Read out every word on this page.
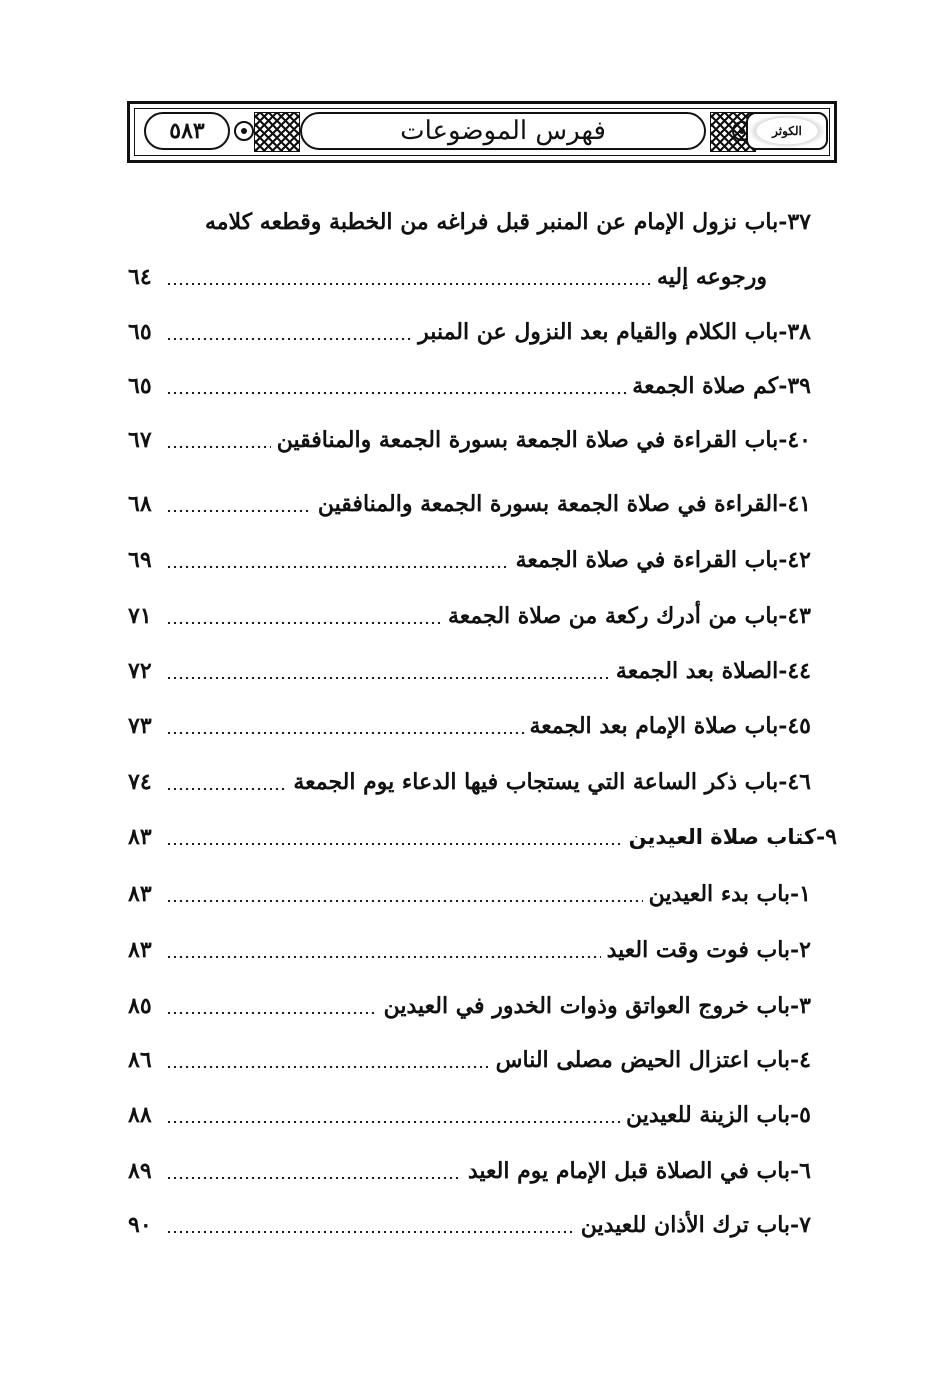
٥٨٣	فهرس الموضوعات	الكوثر
٣٧-
باب نزول الإمام عن المنبر قبل فراغه من الخطبة وقطعه كلامه
ورجوعه إليه
٦٤
٣٨-
باب الكلام والقيام بعد النزول عن المنبر
٦٥
٣٩-
كم صلاة الجمعة
٦٥
٤٠-
باب القراءة في صلاة الجمعة بسورة الجمعة والمنافقين
٦٧
٤١-
القراءة في صلاة الجمعة بسورة الجمعة والمنافقين
٦٨
٤٢-
باب القراءة في صلاة الجمعة
٦٩
٤٣-
باب من أدرك ركعة من صلاة الجمعة
٧١
٤٤-
الصلاة بعد الجمعة
٧٢
٤٥-
باب صلاة الإمام بعد الجمعة
٧٣
٤٦-
باب ذكر الساعة التي يستجاب فيها الدعاء يوم الجمعة
٧٤
٩-
كتاب صلاة العيدين
٨٣
١-
باب بدء العيدين
٨٣
٢-
باب فوت وقت العيد
٨٣
٣-
باب خروج العواتق وذوات الخدور في العيدين
٨٥
٤-
باب اعتزال الحيض مصلى الناس
٨٦
٥-
باب الزينة للعيدين
٨٨
٦-
باب في الصلاة قبل الإمام يوم العيد
٨٩
٧-
باب ترك الأذان للعيدين
٩٠
